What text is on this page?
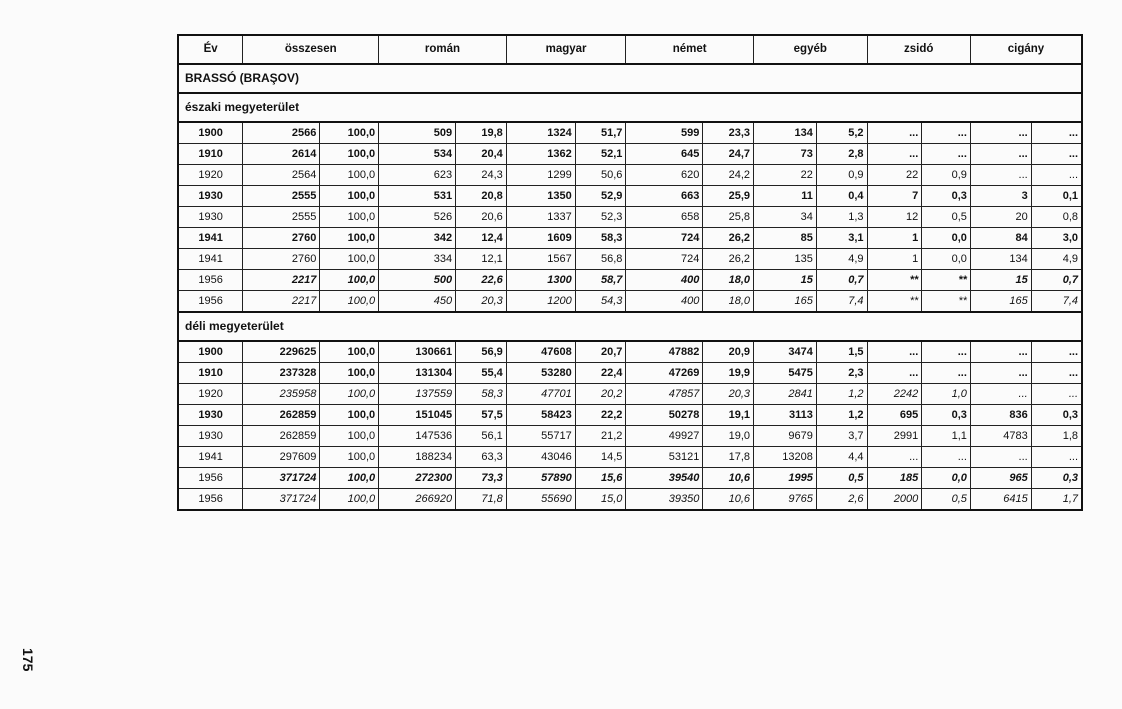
Év	összesen		román		magyar		német		egyéb		zsidó		cigány	
BRASSÓ (BRAŞOV)														
északi megyeterület														
1900	2566	100,0	509	19,8	1324	51,7	599	23,3	134	5,2	...	...	...	...
1910	2614	100,0	534	20,4	1362	52,1	645	24,7	73	2,8	...	...	...	...
1920	2564	100,0	623	24,3	1299	50,6	620	24,2	22	0,9	22	0,9	...	...
1930	2555	100,0	531	20,8	1350	52,9	663	25,9	11	0,4	7	0,3	3	0,1
1930	2555	100,0	526	20,6	1337	52,3	658	25,8	34	1,3	12	0,5	20	0,8
1941	2760	100,0	342	12,4	1609	58,3	724	26,2	85	3,1	1	0,0	84	3,0
1941	2760	100,0	334	12,1	1567	56,8	724	26,2	135	4,9	1	0,0	134	4,9
1956	2217	100,0	500	22,6	1300	58,7	400	18,0	15	0,7	**	**	15	0,7
1956	2217	100,0	450	20,3	1200	54,3	400	18,0	165	7,4	**	**	165	7,4
déli megyeterület														
1900	229625	100,0	130661	56,9	47608	20,7	47882	20,9	3474	1,5	...	...	...	...
1910	237328	100,0	131304	55,4	53280	22,4	47269	19,9	5475	2,3	...	...	...	...
1920	235958	100,0	137559	58,3	47701	20,2	47857	20,3	2841	1,2	2242	1,0	...	...
1930	262859	100,0	151045	57,5	58423	22,2	50278	19,1	3113	1,2	695	0,3	836	0,3
1930	262859	100,0	147536	56,1	55717	21,2	49927	19,0	9679	3,7	2991	1,1	4783	1,8
1941	297609	100,0	188234	63,3	43046	14,5	53121	17,8	13208	4,4	...	...	...	...
1956	371724	100,0	272300	73,3	57890	15,6	39540	10,6	1995	0,5	185	0,0	965	0,3
1956	371724	100,0	266920	71,8	55690	15,0	39350	10,6	9765	2,6	2000	0,5	6415	1,7
175
